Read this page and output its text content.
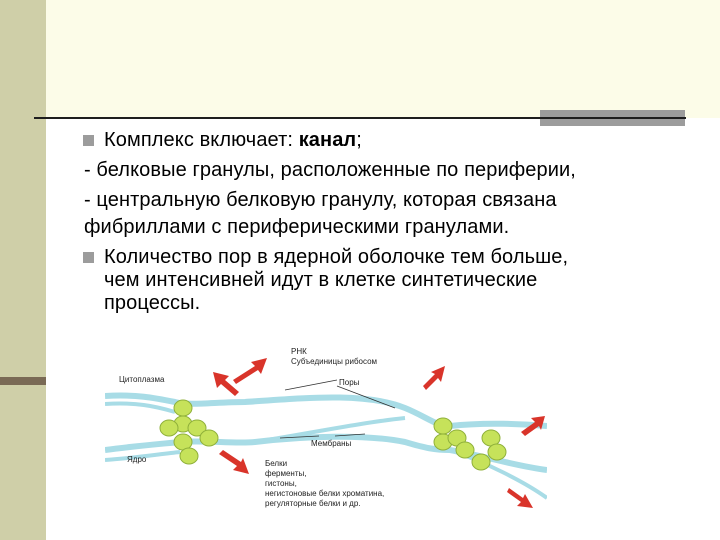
Комплекс включает: канал;
- белковые гранулы, расположенные по периферии,
- центральную белковую гранулу, которая связана
фибриллами с периферическими гранулами.
Количество пор в ядерной оболочке тем больше,
чем интенсивней идут в клетке синтетические
процессы.
РНК
Субъединицы рибосом
Цитоплазма	Поры
Мембраны
Ядро	Белки
ферменты,
гистоны,
негистоновые белки хроматина,
регуляторные белки и др.
